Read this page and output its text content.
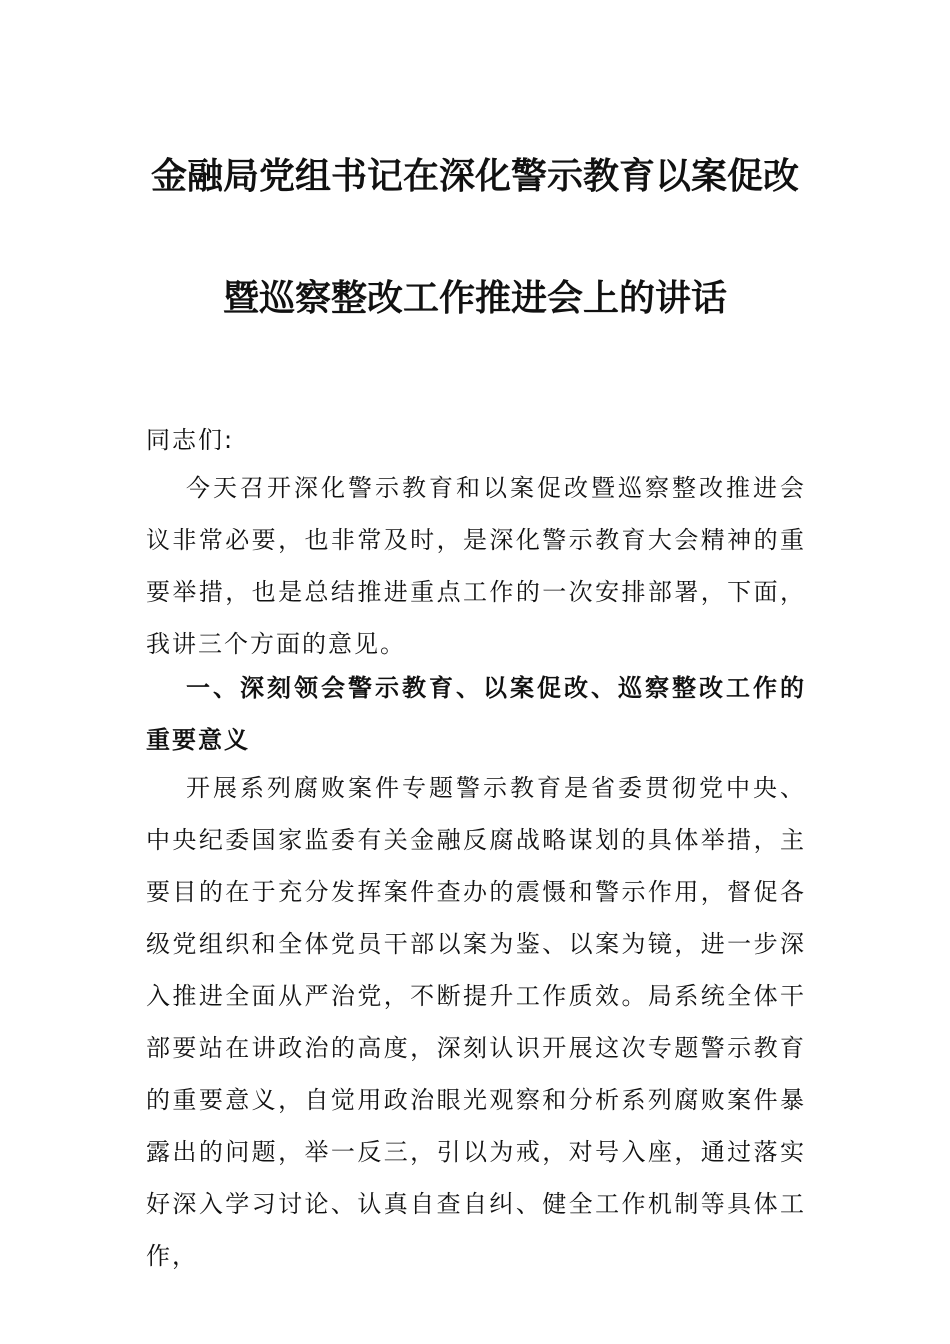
金融局党组书记在深化警示教育以案促改
暨巡察整改工作推进会上的讲话

同志们:

今天召开深化警示教育和以案促改暨巡察整改推进会议非常必要，也非常及时，是深化警示教育大会精神的重要举措，也是总结推进重点工作的一次安排部署，下面，我讲三个方面的意见。

一、深刻领会警示教育、以案促改、巡察整改工作的重要意义

开展系列腐败案件专题警示教育是省委贯彻党中央、中央纪委国家监委有关金融反腐战略谋划的具体举措，主要目的在于充分发挥案件查办的震慑和警示作用，督促各级党组织和全体党员干部以案为鉴、以案为镜，进一步深入推进全面从严治党，不断提升工作质效。局系统全体干部要站在讲政治的高度，深刻认识开展这次专题警示教育的重要意义，自觉用政治眼光观察和分析系列腐败案件暴露出的问题，举一反三，引以为戒，对号入座，通过落实好深入学习讨论、认真自查自纠、健全工作机制等具体工作，
